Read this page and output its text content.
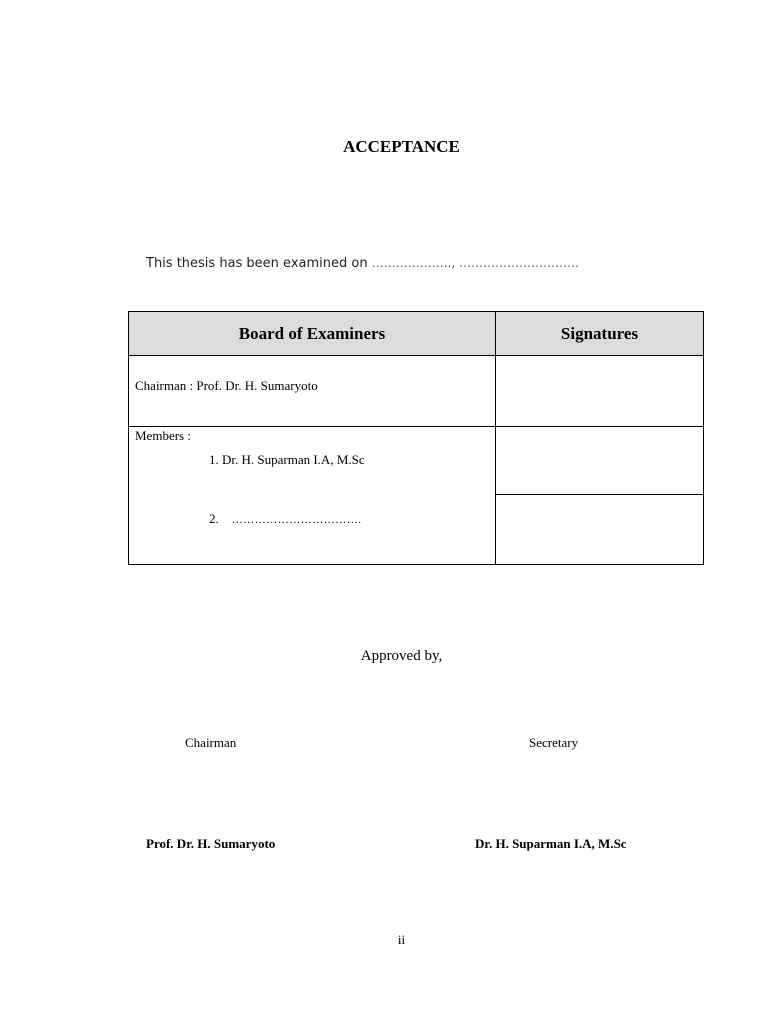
ACCEPTANCE
This thesis has been examined on ……………….., …………………………
Board of Examiners	Signatures

Chairman : Prof. Dr. H. Sumaryoto	

Members :
1. Dr. H. Suparman I.A, M.Sc
2. …………………………….	

Approved by,
Chairman	Secretary
Prof. Dr. H. Sumaryoto	Dr. H. Suparman I.A, M.Sc
ii
